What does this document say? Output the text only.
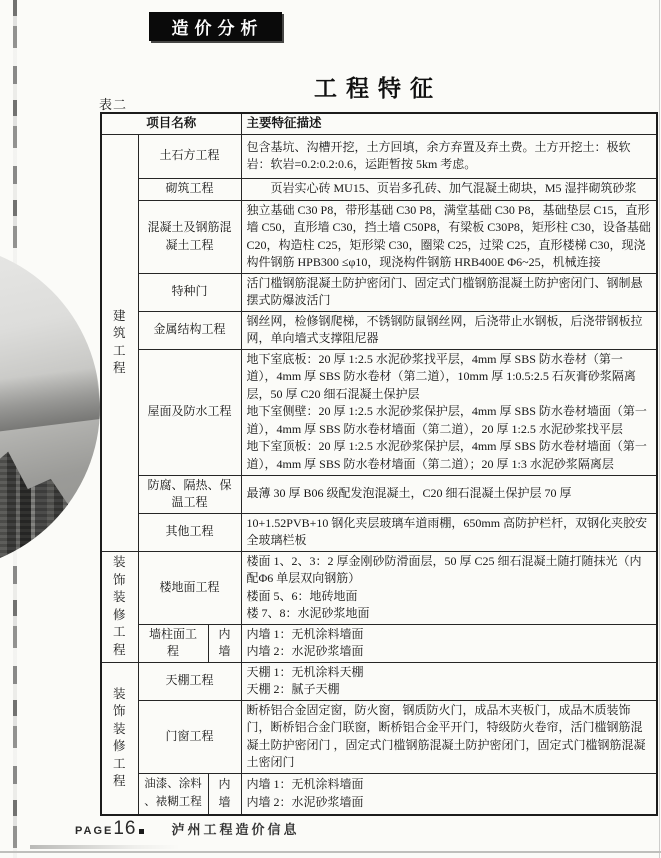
造价分析
工程特征
表二
项目名称			主要特征描述
建筑工程	土石方工程		包含基坑、沟槽开挖，土方回填，余方弃置及弃土费。土方开挖土：极软岩：软岩=0.2:0.2:0.6，运距暂按 5km 考虑。

	砌筑工程		页岩实心砖 MU15、页岩多孔砖、加气混凝土砌块，M5 湿拌砌筑砂浆

	混凝土及钢筋混凝土工程		独立基础 C30 P8，带形基础 C30 P8，满堂基础 C30 P8，基础垫层 C15，直形墙 C50，直形墙 C30，挡土墙 C50P8，有梁板 C30P8，矩形柱 C30，设备基础 C20，构造柱 C25，矩形梁 C30，圈梁 C25，过梁 C25，直形楼梯 C30，现浇构件钢筋 HPB300 ≤φ10，现浇构件钢筋 HRB400E Φ6~25，机械连接

	特种门		活门槛钢筋混凝土防护密闭门、固定式门槛钢筋混凝土防护密闭门、钢制悬摆式防爆波活门

	金属结构工程		钢丝网，检修钢爬梯，不锈钢防鼠钢丝网，后浇带止水钢板，后浇带钢板拉网，单向墙式支撑阻尼器

	屋面及防水工程		地下室底板：20 厚 1:2.5 水泥砂浆找平层，4mm 厚 SBS 防水卷材（第一道），4mm 厚 SBS 防水卷材（第二道），10mm 厚 1:0.5:2.5 石灰膏砂浆隔离层，50 厚 C20 细石混凝土保护层
地下室侧壁：20 厚 1:2.5 水泥砂浆保护层，4mm 厚 SBS 防水卷材墙面（第一道），4mm 厚 SBS 防水卷材墙面（第二道），20 厚 1:2.5 水泥砂浆找平层
地下室顶板：20 厚 1:2.5 水泥砂浆保护层，4mm 厚 SBS 防水卷材墙面（第一道），4mm 厚 SBS 防水卷材墙面（第二道）；20 厚 1:3 水泥砂浆隔离层

	防腐、隔热、保温工程		最薄 30 厚 B06 级配发泡混凝土，C20 细石混凝土保护层 70 厚

	其他工程		10+1.52PVB+10 钢化夹层玻璃车道雨棚，650mm 高防护栏杆，双钢化夹胶安全玻璃栏板

装饰装修工程	楼地面工程		楼面 1、2、3：2 厚金刚砂防滑面层，50 厚 C25 细石混凝土随打随抹光（内配Φ6 单层双向钢筋）
楼面 5、6：地砖地面
楼 7、8：水泥砂浆地面

	墙柱面工程	内墙	内墙 1：无机涂料墙面
内墙 2：水泥砂浆墙面

装饰装修工程	天棚工程		天棚 1：无机涂料天棚
天棚 2：腻子天棚

	门窗工程		断桥铝合金固定窗，防火窗，钢质防火门，成品木夹板门，成品木质装饰门，断桥铝合金门联窗，断桥铝合金平开门，特级防火卷帘，活门槛钢筋混凝土防护密闭门 ，固定式门槛钢筋混凝土防护密闭门，固定式门槛钢筋混凝土密闭门

	油漆、涂料、裱糊工程	内墙	内墙 1：无机涂料墙面
内墙 2：水泥砂浆墙面
PAGE 16	泸州工程造价信息
